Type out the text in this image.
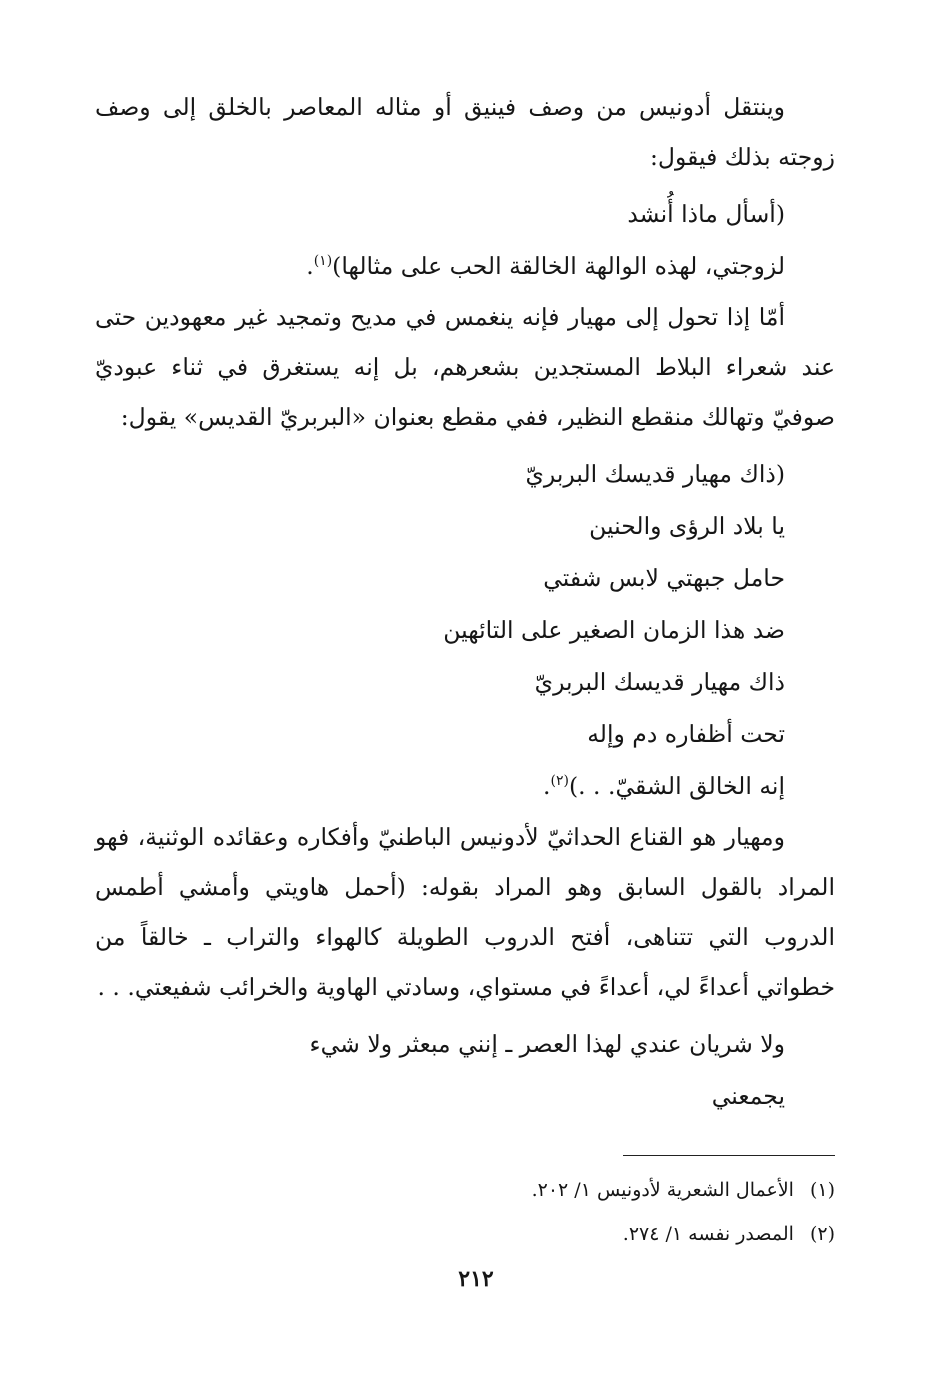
وينتقل أدونيس من وصف فينيق أو مثاله المعاصر بالخلق إلى وصف زوجته بذلك فيقول:

(أسأل ماذا أُنشد
لزوجتي، لهذه الوالهة الخالقة الحب على مثالها)$^{(١)}$.

أمّا إذا تحول إلى مهيار فإنه ينغمس في مديح وتمجيد غير معهودين حتى عند شعراء البلاط المستجدين بشعرهم، بل إنه يستغرق في ثناء عبوديّ صوفيّ وتهالك منقطع النظير، ففي مقطع بعنوان «البربريّ القديس» يقول:

(ذاك مهيار قديسك البربريّ
يا بلاد الرؤى والحنين
حامل جبهتي لابس شفتي
ضد هذا الزمان الصغير على التائهين
ذاك مهيار قديسك البربريّ
تحت أظفاره دم وإله
إنه الخالق الشقيّ. . .)$^{(٢)}$.

ومهيار هو القناع الحداثيّ لأدونيس الباطنيّ وأفكاره وعقائده الوثنية، فهو المراد بالقول السابق وهو المراد بقوله: (أحمل هاويتي وأمشي أطمس الدروب التي تتناهى، أفتح الدروب الطويلة كالهواء والتراب ـ خالقاً من خطواتي أعداءً لي، أعداءً في مستواي، وسادتي الهاوية والخرائب شفيعتي. . .

ولا شريان عندي لهذا العصر ـ إنني مبعثر ولا شيء
يجمعني
(١)الأعمال الشعرية لأدونيس ١/ ٢٠٢.
(٢)المصدر نفسه ١/ ٢٧٤.
٢١٢
